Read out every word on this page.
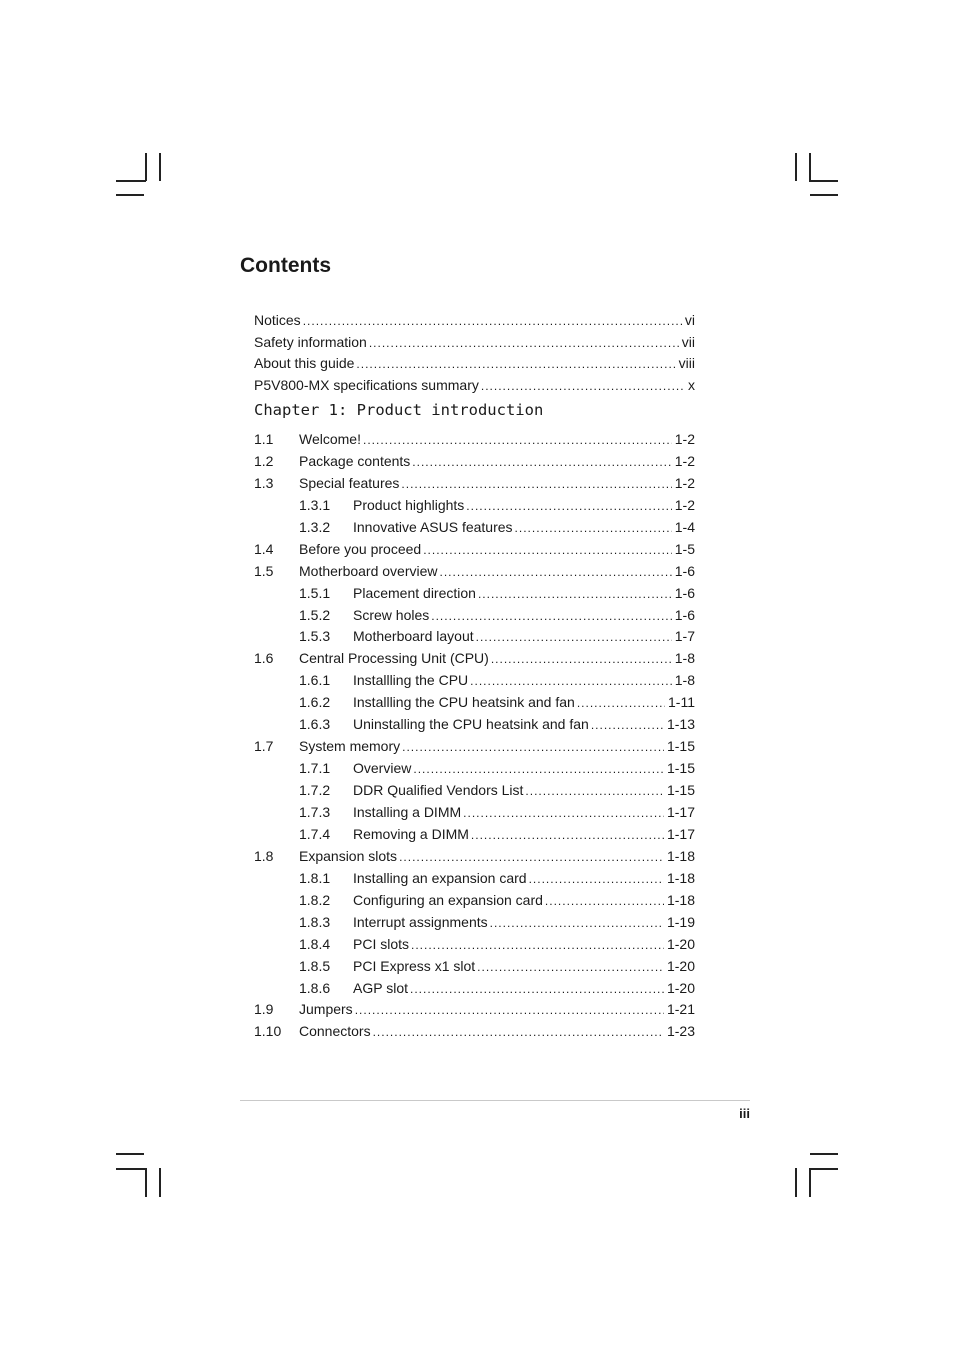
Contents
Notices .....	vi
Safety information .....	vii
About this guide .....	viii
P5V800-MX specifications summary .....	x
Chapter 1: Product introduction
1.1 Welcome! .....	1-2
1.2 Package contents .....	1-2
1.3 Special features .....	1-2
1.3.1 Product highlights .....	1-2
1.3.2 Innovative ASUS features .....	1-4
1.4 Before you proceed .....	1-5
1.5 Motherboard overview .....	1-6
1.5.1 Placement direction .....	1-6
1.5.2 Screw holes .....	1-6
1.5.3 Motherboard layout .....	1-7
1.6 Central Processing Unit (CPU) .....	1-8
1.6.1 Installling the CPU .....	1-8
1.6.2 Installling the CPU heatsink and fan .....	1-11
1.6.3 Uninstalling the CPU heatsink and fan .....	1-13
1.7 System memory .....	1-15
1.7.1 Overview .....	1-15
1.7.2 DDR Qualified Vendors List .....	1-15
1.7.3 Installing a DIMM .....	1-17
1.7.4 Removing a DIMM .....	1-17
1.8 Expansion slots .....	1-18
1.8.1 Installing an expansion card .....	1-18
1.8.2 Configuring an expansion card .....	1-18
1.8.3 Interrupt assignments .....	1-19
1.8.4 PCI slots .....	1-20
1.8.5 PCI Express x1 slot .....	1-20
1.8.6 AGP slot .....	1-20
1.9 Jumpers .....	1-21
1.10 Connectors .....	1-23
iii
